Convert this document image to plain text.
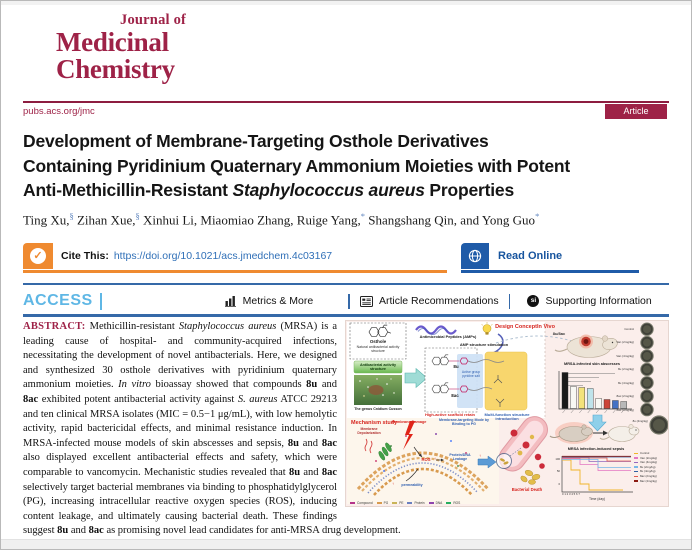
Journal of
Medicinal
Chemistry
pubs.acs.org/jmc	Article
Development of Membrane-Targeting Osthole Derivatives
Containing Pyridinium Quaternary Ammonium Moieties with Potent
Anti-Methicillin-Resistant Staphylococcus aureus Properties
Ting Xu,§ Zihan Xue,§ Xinhui Li, Miaomiao Zhang, Ruige Yang,* Shangshang Qin, and Yong Guo*
✓	Cite This: https://doi.org/10.1021/acs.jmedchem.4c03167	Read Online
ACCESS	Metrics & More	Article Recommendations	si Supporting Information
Design Concept In Vivo
Mechanism study
Osthole
Natural antibacterial activity structure
Antibacterial activity structure
The genus Cnidium Cusson
Antimicrobial Peptides (AMPs)
AMP structure stimulation
8u
8ac
Active group pyridine salt
High-active scaffold retain	Multi-function structure introduction
8u/8ac
MRSA-infected skin abscesses
MRSA infection-induced sepsis
Membrane Depolarization
Membrane Damage	Membrane-targeting Mode by Binding to PG
ROS ↑
Protein/DNA Leakage
↑
permeability
↑
Bacterial Death
Time (day)
0 1 2 3 4 5 6 7
8u (4mg/kg)
Control
Van (2mg/kg)
Van (4mg/kg)
8u (2mg/kg)
8u (4mg/kg)
8ac (2mg/kg)
8ac (4mg/kg)
Control
Van (2mg/kg)
Van (4mg/kg)
8u (2mg/kg)
8u (4mg/kg)
8ac (2mg/kg)
8ac (4mg/kg)
100
50
0
Compound	PG	PE	Protein	DNA	ROS
ABSTRACT: Methicillin-resistant Staphylococcus aureus (MRSA) is a leading cause of hospital- and community-acquired infections, necessitating the development of novel antibacterials. Here, we designed and synthesized 30 osthole derivatives with pyridinium quaternary ammonium moieties. In vitro bioassay showed that compounds 8u and 8ac exhibited potent antibacterial activity against S. aureus ATCC 29213 and ten clinical MRSA isolates (MIC = 0.5−1 μg/mL), with low hemolytic activity, rapid bactericidal effects, and minimal resistance induction. In MRSA-infected mouse models of skin abscesses and sepsis, 8u and 8ac also displayed excellent antibacterial effects and safety, which were comparable to vancomycin. Mechanistic studies revealed that 8u and 8ac selectively target bacterial membranes via binding to phosphatidylglycerol (PG), increasing intracellular reactive oxygen species (ROS), inducing content leakage, and ultimately causing bacterial death. These findings suggest 8u and 8ac as promising novel lead candidates for anti-MRSA drug development.
